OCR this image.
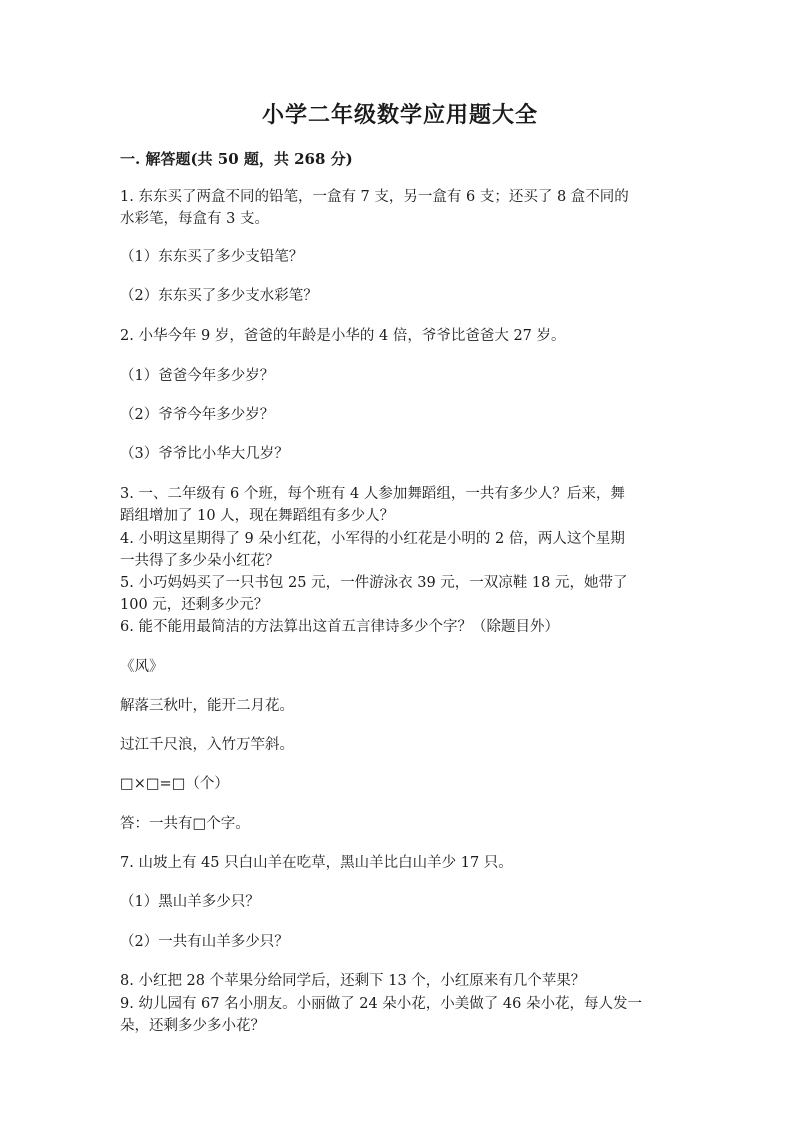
小学二年级数学应用题大全
一. 解答题(共 50 题，共 268 分)
1. 东东买了两盒不同的铅笔，一盒有 7 支，另一盒有 6 支；还买了 8 盒不同的
水彩笔，每盒有 3 支。
（1）东东买了多少支铅笔？
（2）东东买了多少支水彩笔？
2. 小华今年 9 岁，爸爸的年龄是小华的 4 倍，爷爷比爸爸大 27 岁。
（1）爸爸今年多少岁？
（2）爷爷今年多少岁？
（3）爷爷比小华大几岁？
3. 一、二年级有 6 个班，每个班有 4 人参加舞蹈组，一共有多少人？后来，舞
蹈组增加了 10 人，现在舞蹈组有多少人？
4. 小明这星期得了 9 朵小红花，小军得的小红花是小明的 2 倍，两人这个星期
一共得了多少朵小红花？
5. 小巧妈妈买了一只书包 25 元，一件游泳衣 39 元，一双凉鞋 18 元，她带了
100 元，还剩多少元？
6. 能不能用最简洁的方法算出这首五言律诗多少个字？（除题目外）
《风》
解落三秋叶，能开二月花。
过江千尺浪，入竹万竿斜。
□×□=□（个）
答：一共有□个字。
7. 山坡上有 45 只白山羊在吃草，黑山羊比白山羊少 17 只。
（1）黑山羊多少只？
（2）一共有山羊多少只？
8. 小红把 28 个苹果分给同学后，还剩下 13 个，小红原来有几个苹果？
9. 幼儿园有 67 名小朋友。小丽做了 24 朵小花，小美做了 46 朵小花，每人发一
朵，还剩多少多小花？
